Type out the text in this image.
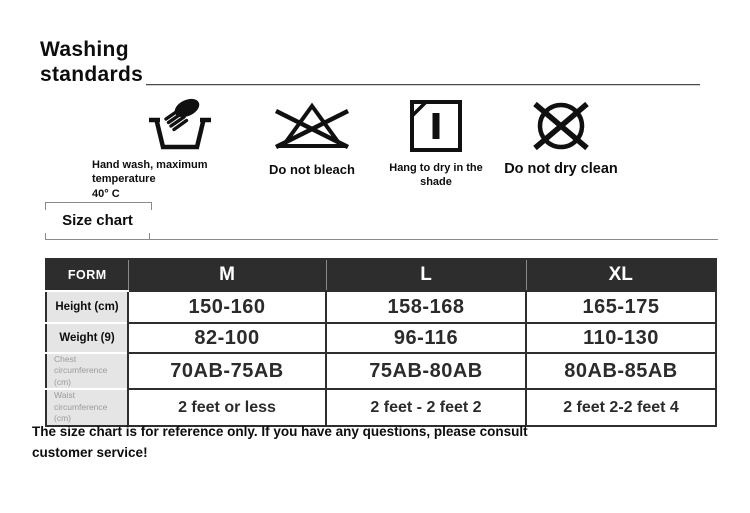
Washing
standards
Hand wash, maximum temperature
40° C
Do not bleach	Hang to dry in the shade
Do not dry clean
Size chart
FORM	M	L	XL

Height (cm)	150-160	158-168	165-175

Weight (9)	82-100	96-116	110-130

Chest circumference
(cm)	70AB-75AB	75AB-80AB	80AB-85AB

Waist circumference
(cm)	2 feet or less	2 feet - 2 feet 2	2 feet 2-2 feet 4
The size chart is for reference only. If you have any questions, please consult customer service!
